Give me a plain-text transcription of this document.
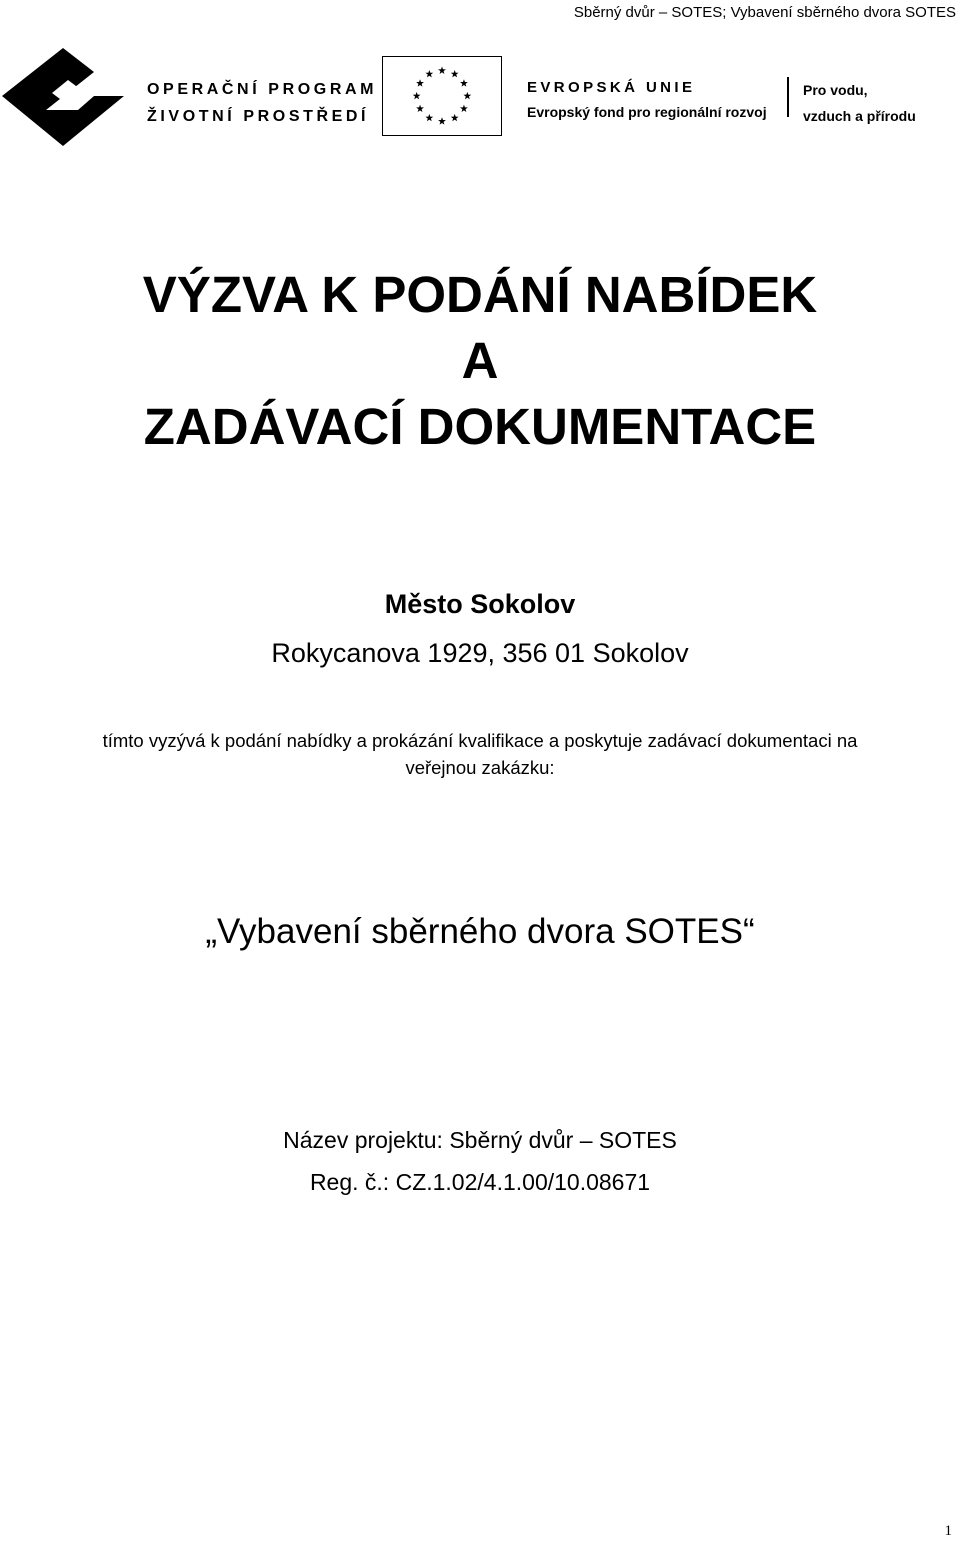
Sběrný dvůr – SOTES; Vybavení sběrného dvora SOTES
OPERAČNÍ PROGRAM
ŽIVOTNÍ PROSTŘEDÍ
EVROPSKÁ UNIE
Evropský fond pro regionální rozvoj
Pro vodu,
vzduch a přírodu
VÝZVA K PODÁNÍ NABÍDEK
A
ZADÁVACÍ DOKUMENTACE
Město Sokolov
Rokycanova 1929, 356 01 Sokolov
tímto vyzývá k podání nabídky a prokázání kvalifikace a poskytuje zadávací dokumentaci na
veřejnou zakázku:
„Vybavení sběrného dvora SOTES“
Název projektu: Sběrný dvůr – SOTES
Reg. č.: CZ.1.02/4.1.00/10.08671
1
